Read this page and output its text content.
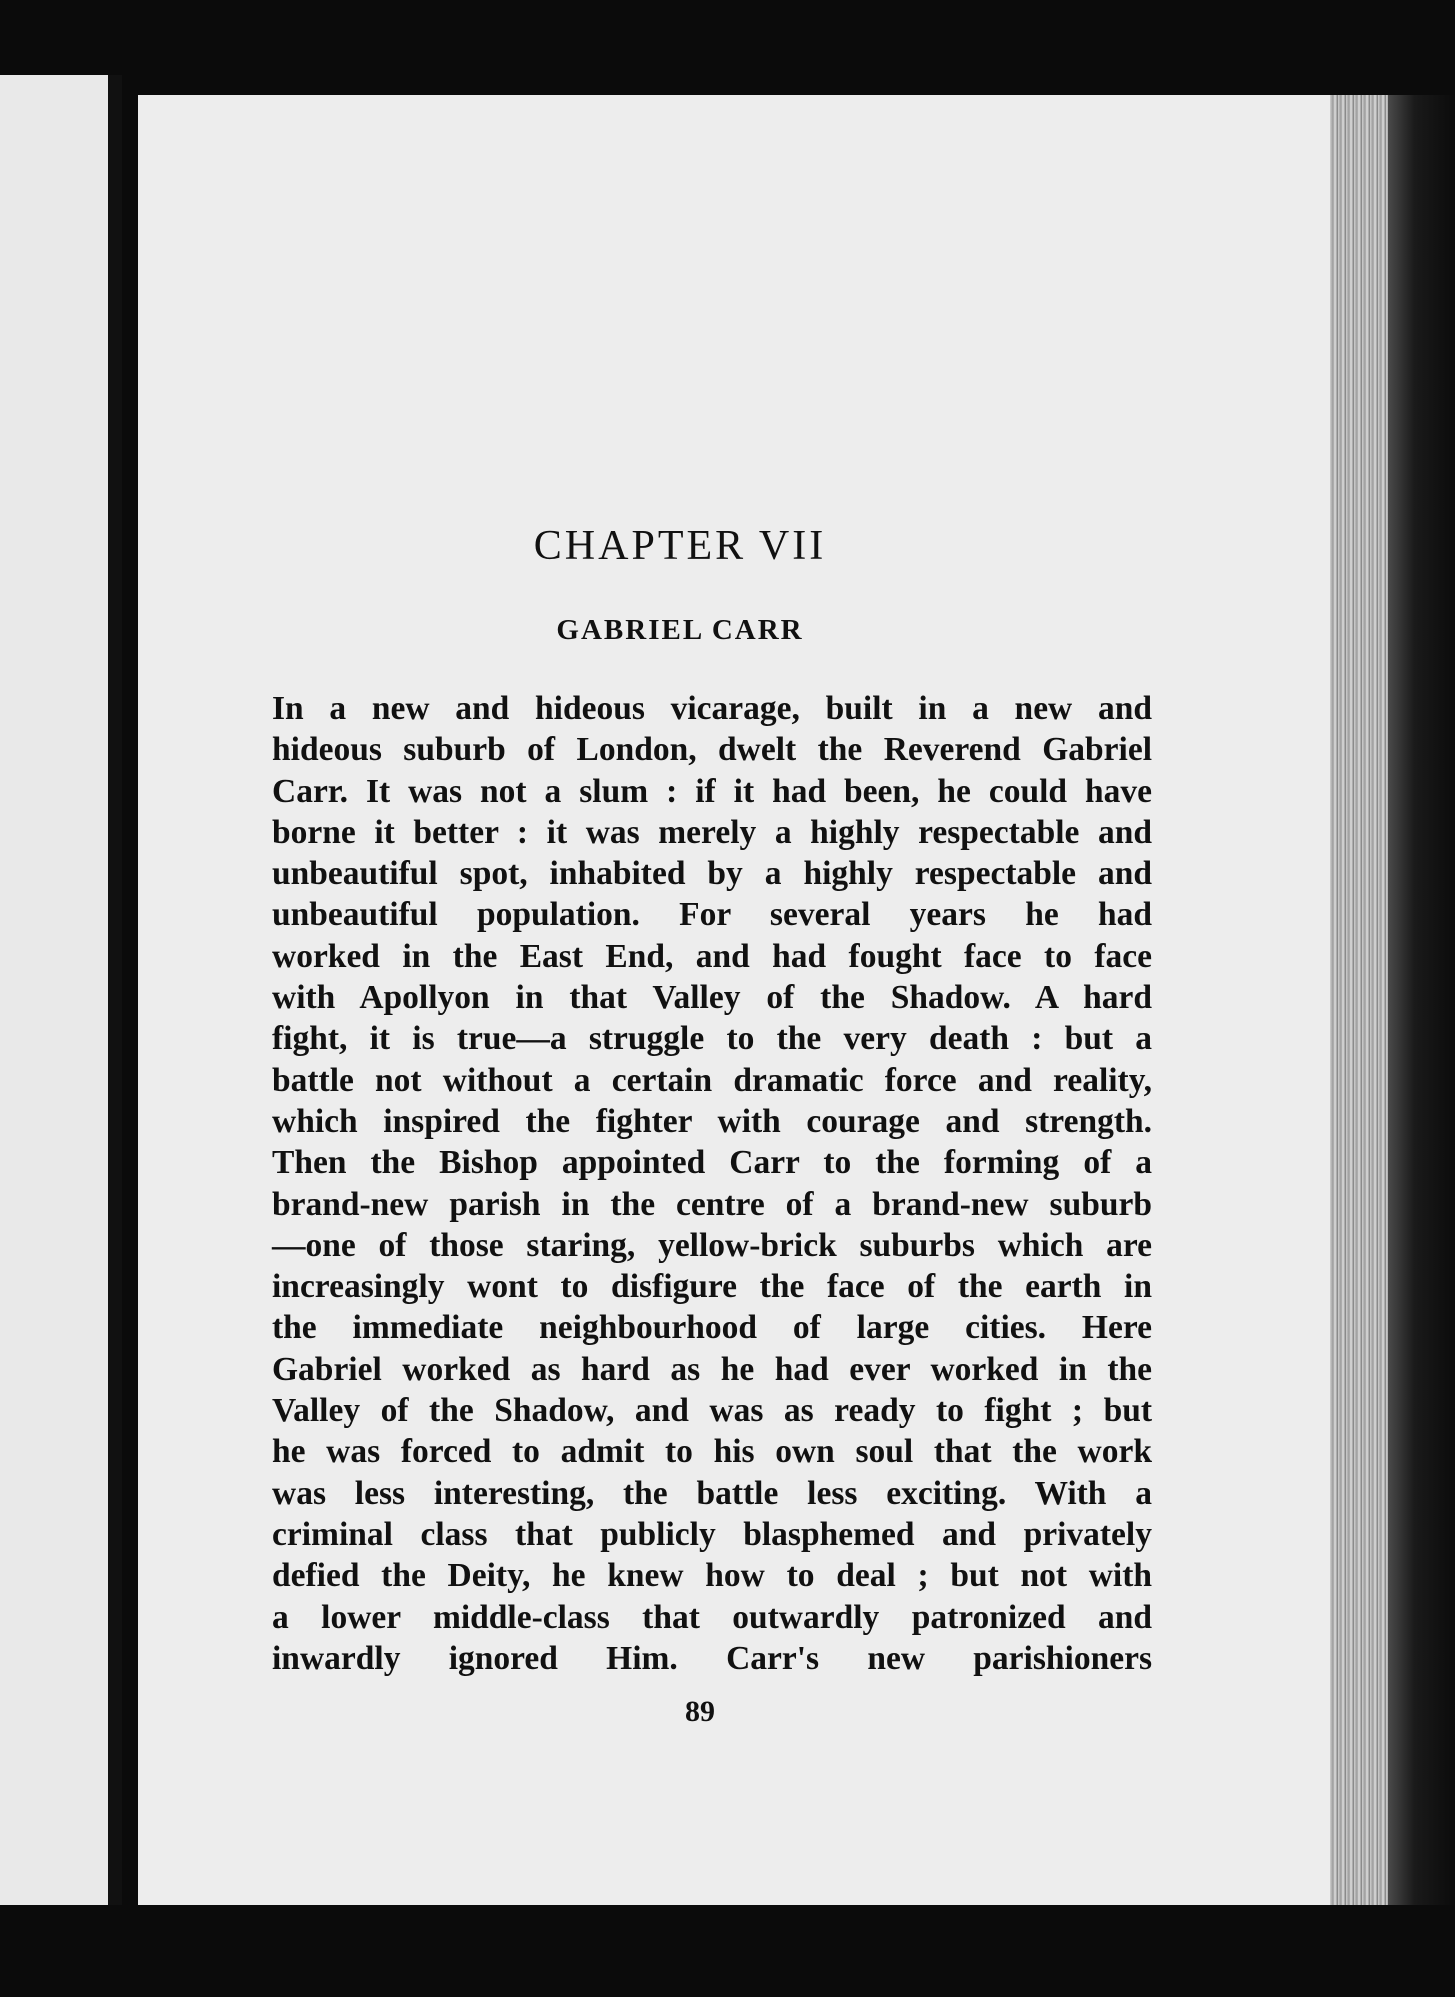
CHAPTER VII
GABRIEL CARR
In a new and hideous vicarage, built in a new and
hideous suburb of London, dwelt the Reverend Gabriel
Carr. It was not a slum : if it had been, he could have
borne it better : it was merely a highly respectable and
unbeautiful spot, inhabited by a highly respectable and
unbeautiful population. For several years he had
worked in the East End, and had fought face to face
with Apollyon in that Valley of the Shadow. A hard
fight, it is true—a struggle to the very death : but a
battle not without a certain dramatic force and reality,
which inspired the fighter with courage and strength.
Then the Bishop appointed Carr to the forming of a
brand-new parish in the centre of a brand-new suburb
—one of those staring, yellow-brick suburbs which are
increasingly wont to disfigure the face of the earth in
the immediate neighbourhood of large cities. Here
Gabriel worked as hard as he had ever worked in the
Valley of the Shadow, and was as ready to fight ; but
he was forced to admit to his own soul that the work
was less interesting, the battle less exciting. With a
criminal class that publicly blasphemed and privately
defied the Deity, he knew how to deal ; but not with
a lower middle-class that outwardly patronized and
inwardly ignored Him. Carr's new parishioners
89
